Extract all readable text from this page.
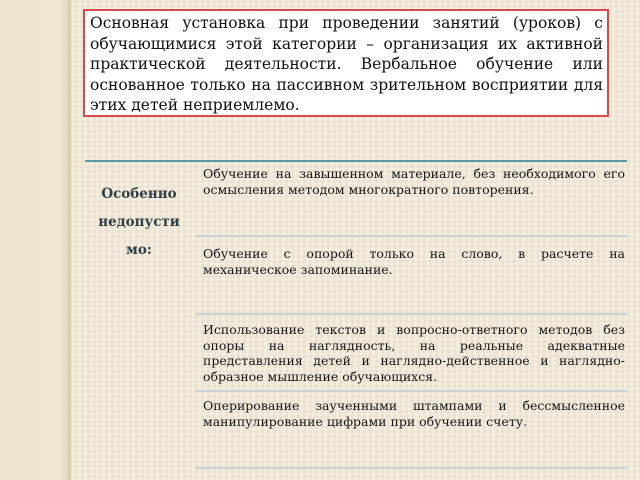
Основная установка при проведении занятий (уроков) с обучающимися этой категории – организация их активной практической деятельности. Вербальное обучение или основанное только на пассивном зрительном восприятии для этих детей неприемлемо.

Особенно
недопусти
мо:

Обучение на завышенном материале, без необходимого его осмысления методом многократного повторения.

Обучение с опорой только на слово, в расчете на механическое запоминание.

Использование текстов и вопросно-ответного методов без опоры на наглядность, на реальные адекватные представления детей и наглядно-действенное и наглядно-образное мышление обучающихся.

Оперирование заученными штампами и бессмысленное манипулирование цифрами при обучении счету.
